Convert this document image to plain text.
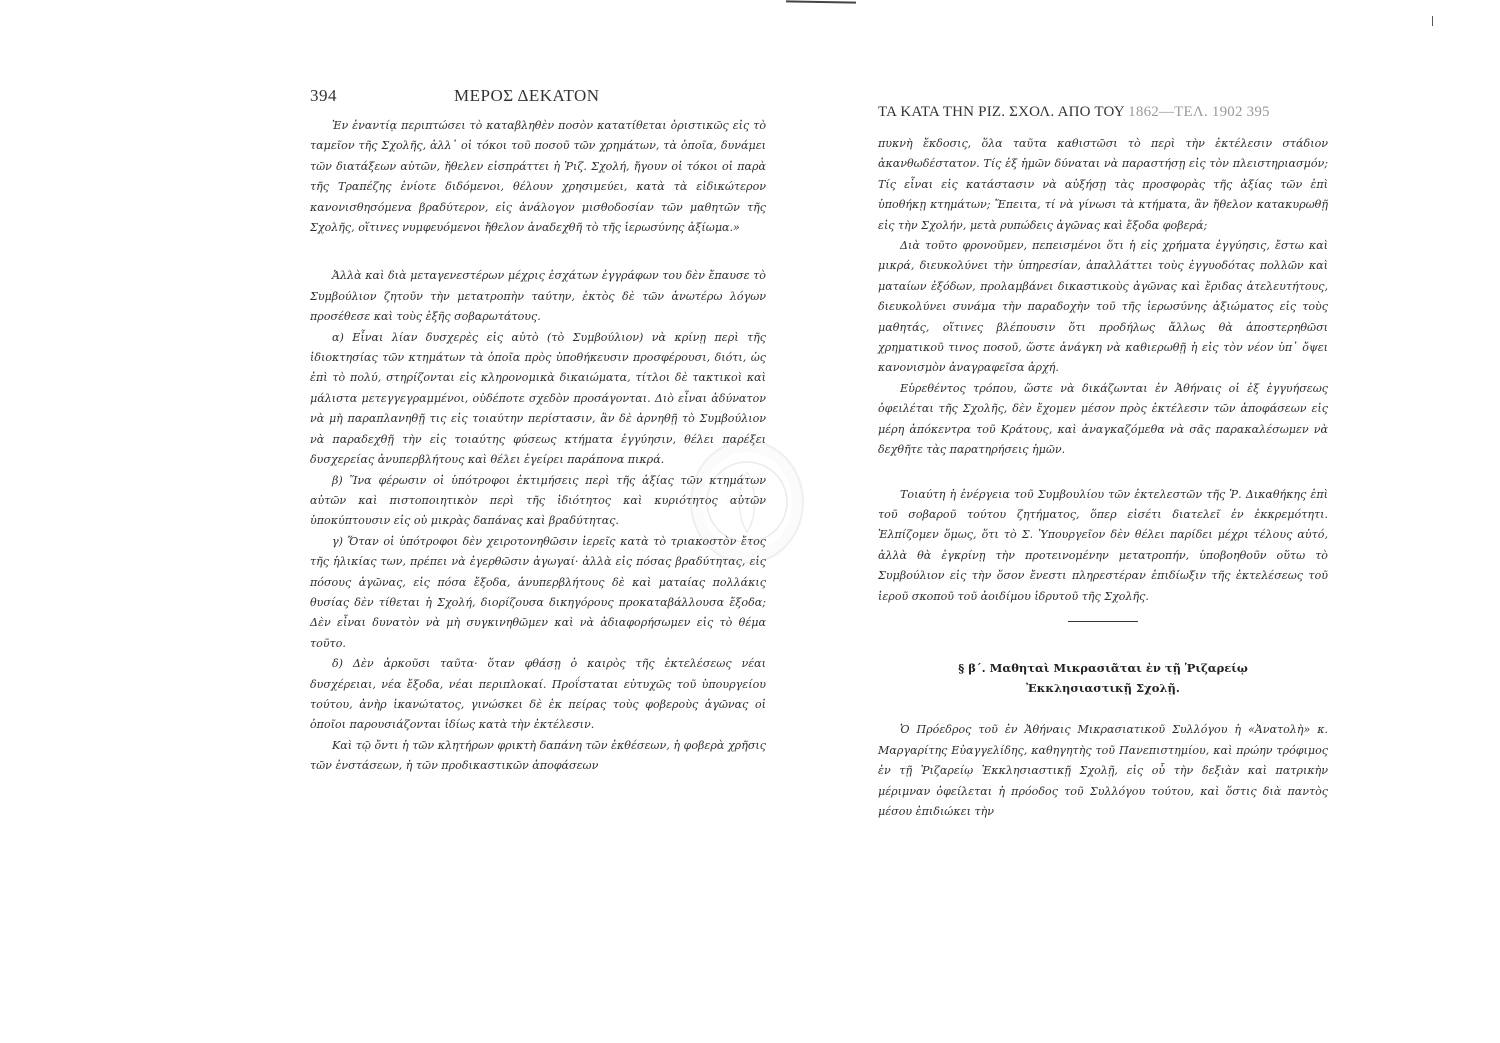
394	ΜΕΡΟΣ ΔΕΚΑΤΟΝ

Ἐν ἐναντίᾳ περιπτώσει τὸ καταβληθὲν ποσὸν κατατίθεται ὁριστικῶς εἰς τὸ ταμεῖον τῆς Σχολῆς, ἀλλ᾽ οἱ τόκοι τοῦ ποσοῦ τῶν χρημάτων, τὰ ὁποῖα, δυνάμει τῶν διατάξεων αὐτῶν, ἤθελεν εἰσπράττει ἡ Ῥιζ. Σχολή, ἤγουν οἱ τόκοι οἱ παρὰ τῆς Τραπέζης ἐνίοτε διδόμενοι, θέλουν χρησιμεύει, κατὰ τὰ εἰδικώτερον κανονισθησόμενα βραδύτερον, εἰς ἀνάλογον μισθοδοσίαν τῶν μαθητῶν τῆς Σχολῆς, οἵτινες νυμφευόμενοι ἤθελον ἀναδεχθῆ τὸ τῆς ἱερωσύνης ἀξίωμα.»

Ἀλλὰ καὶ διὰ μεταγενεστέρων μέχρις ἐσχάτων ἐγγράφων του δὲν ἔπαυσε τὸ Συμβούλιον ζητοῦν τὴν μετατροπὴν ταύτην, ἐκτὸς δὲ τῶν ἀνωτέρω λόγων προσέθεσε καὶ τοὺς ἑξῆς σοβαρωτάτους.

α) Εἶναι λίαν δυσχερὲς εἰς αὐτὸ (τὸ Συμβούλιον) νὰ κρίνῃ περὶ τῆς ἰδιοκτησίας τῶν κτημάτων τὰ ὁποῖα πρὸς ὑποθήκευσιν προσφέρουσι, διότι, ὡς ἐπὶ τὸ πολύ, στηρίζονται εἰς κληρονομικὰ δικαιώματα, τίτλοι δὲ τακτικοὶ καὶ μάλιστα μετεγγεγραμμένοι, οὐδέποτε σχεδὸν προσάγονται. Διὸ εἶναι ἀδύνατον νὰ μὴ παραπλανηθῇ τις εἰς τοιαύτην περίστασιν, ἂν δὲ ἀρνηθῇ τὸ Συμβούλιον νὰ παραδεχθῇ τὴν εἰς τοιαύτης φύσεως κτήματα ἐγγύησιν, θέλει παρέξει δυσχερείας ἀνυπερβλήτους καὶ θέλει ἐγείρει παράπονα πικρά.

β) Ἵνα φέρωσιν οἱ ὑπότροφοι ἐκτιμήσεις περὶ τῆς ἀξίας τῶν κτημάτων αὐτῶν καὶ πιστοποιητικὸν περὶ τῆς ἰδιότητος καὶ κυριότητος αὐτῶν ὑποκύπτουσιν εἰς οὐ μικρὰς δαπάνας καὶ βραδύτητας.

γ) Ὅταν οἱ ὑπότροφοι δὲν χειροτονηθῶσιν ἱερεῖς κατὰ τὸ τριακοστὸν ἔτος τῆς ἡλικίας των, πρέπει νὰ ἐγερθῶσιν ἀγωγαί· ἀλλὰ εἰς πόσας βραδύτητας, εἰς πόσους ἀγῶνας, εἰς πόσα ἔξοδα, ἀνυπερβλήτους δὲ καὶ ματαίας πολλάκις θυσίας δὲν τίθεται ἡ Σχολή, διορίζουσα δικηγόρους προκαταβάλλουσα ἔξοδα; Δὲν εἶναι δυνατὸν νὰ μὴ συγκινηθῶμεν καὶ νὰ ἀδιαφορήσωμεν εἰς τὸ θέμα τοῦτο.

δ) Δὲν ἀρκοῦσι ταῦτα· ὅταν φθάσῃ ὁ καιρὸς τῆς ἐκτελέσεως νέαι δυσχέρειαι, νέα ἔξοδα, νέαι περιπλοκαί. Προΐσταται εὐτυχῶς τοῦ ὑπουργείου τούτου, ἀνὴρ ἱκανώτατος, γινώσκει δὲ ἐκ πείρας τοὺς φοβεροὺς ἀγῶνας οἱ ὁποῖοι παρουσιάζονται ἰδίως κατὰ τὴν ἐκτέλεσιν.

Καὶ τῷ ὄντι ἡ τῶν κλητήρων φρικτὴ δαπάνη τῶν ἐκθέσεων, ἡ φοβερὰ χρῆσις τῶν ἐνστάσεων, ἡ τῶν προδικαστικῶν ἀποφάσεων

ΤΑ ΚΑΤΑ ΤΗΝ ΡΙΖ. ΣΧΟΛ. ΑΠΟ ΤΟΥ 1862—ΤΕΛ. 1902 395

πυκνὴ ἔκδοσις, ὅλα ταῦτα καθιστῶσι τὸ περὶ τὴν ἐκτέλεσιν στάδιον ἀκανθωδέστατον. Τίς ἐξ ἡμῶν δύναται νὰ παραστήσῃ εἰς τὸν πλειστηριασμόν; Τίς εἶναι εἰς κατάστασιν νὰ αὐξήσῃ τὰς προσφορὰς τῆς ἀξίας τῶν ἐπὶ ὑποθήκῃ κτημάτων; Ἔπειτα, τί νὰ γίνωσι τὰ κτήματα, ἂν ἤθελον κατακυρωθῇ εἰς τὴν Σχολήν, μετὰ ρυπώδεις ἀγῶνας καὶ ἔξοδα φοβερά;

Διὰ τοῦτο φρονοῦμεν, πεπεισμένοι ὅτι ἡ εἰς χρήματα ἐγγύησις, ἔστω καὶ μικρά, διευκολύνει τὴν ὑπηρεσίαν, ἀπαλλάττει τοὺς ἐγγυοδότας πολλῶν καὶ ματαίων ἐξόδων, προλαμβάνει δικαστικοὺς ἀγῶνας καὶ ἔριδας ἀτελευτήτους, διευκολύνει συνάμα τὴν παραδοχὴν τοῦ τῆς ἱερωσύνης ἀξιώματος εἰς τοὺς μαθητάς, οἵτινες βλέπουσιν ὅτι προδήλως ἄλλως θὰ ἀποστερηθῶσι χρηματικοῦ τινος ποσοῦ, ὥστε ἀνάγκη νὰ καθιερωθῇ ἡ εἰς τὸν νέον ὑπ᾽ ὄψει κανονισμὸν ἀναγραφεῖσα ἀρχή.

Εὑρεθέντος τρόπου, ὥστε νὰ δικάζωνται ἐν Ἀθήναις οἱ ἐξ ἐγγυήσεως ὀφειλέται τῆς Σχολῆς, δὲν ἔχομεν μέσον πρὸς ἐκτέλεσιν τῶν ἀποφάσεων εἰς μέρη ἀπόκεντρα τοῦ Κράτους, καὶ ἀναγκαζόμεθα νὰ σᾶς παρακαλέσωμεν νὰ δεχθῆτε τὰς παρατηρήσεις ἡμῶν.

Τοιαύτη ἡ ἐνέργεια τοῦ Συμβουλίου τῶν ἐκτελεστῶν τῆς Ῥ. Δικαθήκης ἐπὶ τοῦ σοβαροῦ τούτου ζητήματος, ὅπερ εἰσέτι διατελεῖ ἐν ἐκκρεμότητι. Ἐλπίζομεν ὅμως, ὅτι τὸ Σ. Ὑπουργεῖον δὲν θέλει παρίδει μέχρι τέλους αὐτό, ἀλλὰ θὰ ἐγκρίνῃ τὴν προτεινομένην μετατροπήν, ὑποβοηθοῦν οὕτω τὸ Συμβούλιον εἰς τὴν ὅσον ἔνεστι πληρεστέραν ἐπιδίωξιν τῆς ἐκτελέσεως τοῦ ἱεροῦ σκοποῦ τοῦ ἀοιδίμου ἱδρυτοῦ τῆς Σχολῆς.

§ β΄. Μαθηταὶ Μικρασιᾶται ἐν τῇ Ῥιζαρείῳ
Ἐκκλησιαστικῇ Σχολῇ.

Ὁ Πρόεδρος τοῦ ἐν Ἀθήναις Μικρασιατικοῦ Συλλόγου ἡ «Ἀνατολὴ» κ. Μαργαρίτης Εὐαγγελίδης, καθηγητὴς τοῦ Πανεπιστημίου, καὶ πρώην τρόφιμος ἐν τῇ Ῥιζαρείῳ Ἐκκλησιαστικῇ Σχολῇ, εἰς οὗ τὴν δεξιὰν καὶ πατρικὴν μέριμναν ὀφείλεται ἡ πρόοδος τοῦ Συλλόγου τούτου, καὶ ὅστις διὰ παντὸς μέσου ἐπιδιώκει τὴν
